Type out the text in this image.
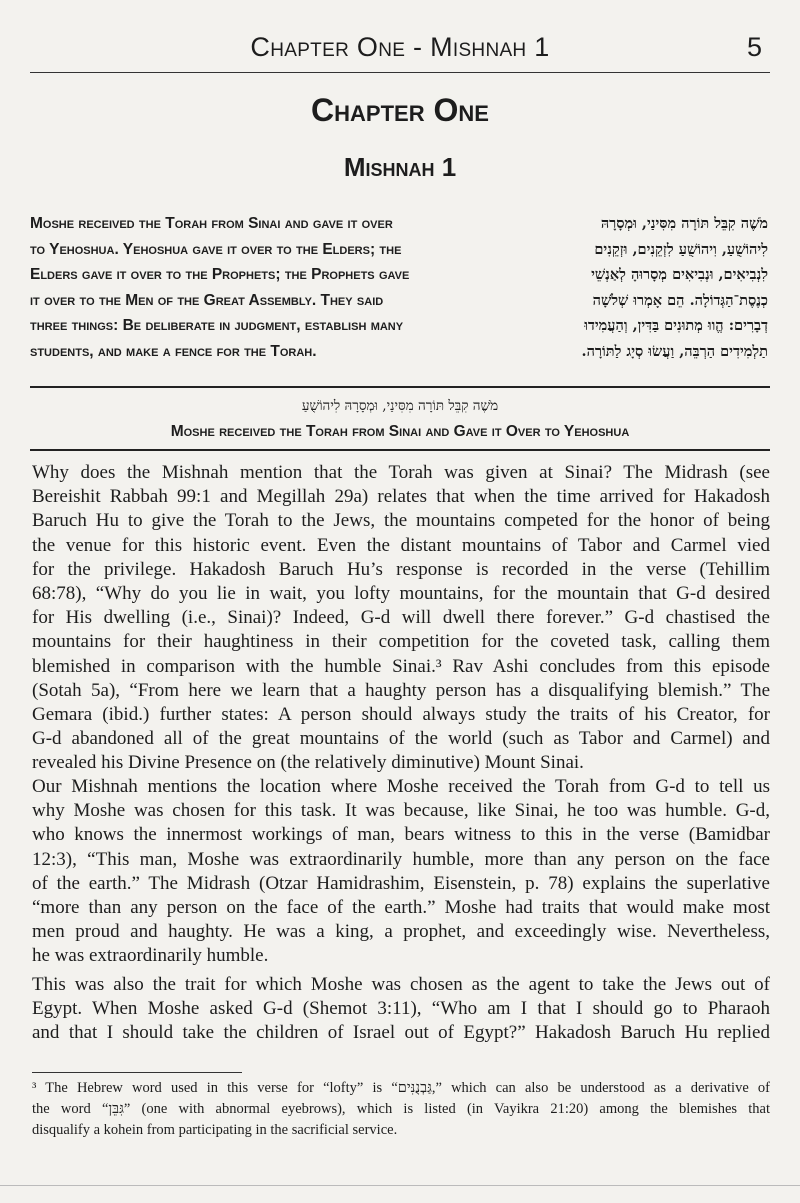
Chapter One - Mishnah 1	5
Chapter One
Mishnah 1
Moshe received the Torah from Sinai and gave it over
to Yehoshua. Yehoshua gave it over to the Elders; the
Elders gave it over to the Prophets; the Prophets gave
it over to the Men of the Great Assembly. They said
three things: Be deliberate in judgment, establish many
students, and make a fence for the Torah.
מֹשֶׁה קִבֵּל תּוֹרָה מִסִּינַי, וּמְסָרָהּ
לִיהוֹשֻׁעַ, וִיהוֹשֻׁעַ לִזְקֵנִים, וּזְקֵנִים
לִנְבִיאִים, וּנְבִיאִים מְסָרוּהָ לְאַנְשֵׁי
כְנֶסֶת־הַגְּדוֹלָה. הֵם אָמְרוּ שְׁלֹשָׁה
דְבָרִים: הֱווּ מְתוּנִים בַּדִּין, וְהַעֲמִידוּ
תַלְמִידִים הַרְבֵּה, וַעֲשׂוּ סְיָג לַתּוֹרָה.
מֹשֶׁה קִבֵּל תּוֹרָה מִסִּינַי, וּמְסָרָהּ לִיהוֹשֻׁעַ
Moshe received the Torah from Sinai and Gave it Over to Yehoshua
Why does the Mishnah mention that the Torah was given at Sinai? The Midrash (see
Bereishit Rabbah 99:1 and Megillah 29a) relates that when the time arrived for Hakadosh
Baruch Hu to give the Torah to the Jews, the mountains competed for the honor of being
the venue for this historic event. Even the distant mountains of Tabor and Carmel vied
for the privilege. Hakadosh Baruch Hu’s response is recorded in the verse (Tehillim
68:78), “Why do you lie in wait, you lofty mountains, for the mountain that G-d desired
for His dwelling (i.e., Sinai)? Indeed, G-d will dwell there forever.” G-d chastised the
mountains for their haughtiness in their competition for the coveted task, calling them
blemished in comparison with the humble Sinai.³ Rav Ashi concludes from this episode
(Sotah 5a), “From here we learn that a haughty person has a disqualifying blemish.” The
Gemara (ibid.) further states: A person should always study the traits of his Creator, for
G-d abandoned all of the great mountains of the world (such as Tabor and Carmel) and
revealed his Divine Presence on (the relatively diminutive) Mount Sinai.
Our Mishnah mentions the location where Moshe received the Torah from G-d to tell us
why Moshe was chosen for this task. It was because, like Sinai, he too was humble. G-d,
who knows the innermost workings of man, bears witness to this in the verse (Bamidbar
12:3), “This man, Moshe was extraordinarily humble, more than any person on the face
of the earth.” The Midrash (Otzar Hamidrashim, Eisenstein, p. 78) explains the superlative
“more than any person on the face of the earth.” Moshe had traits that would make most
men proud and haughty. He was a king, a prophet, and exceedingly wise. Nevertheless,
he was extraordinarily humble.
This was also the trait for which Moshe was chosen as the agent to take the Jews out of
Egypt. When Moshe asked G-d (Shemot 3:11), “Who am I that I should go to Pharaoh
and that I should take the children of Israel out of Egypt?” Hakadosh Baruch Hu replied
³ The Hebrew word used in this verse for “lofty” is “גַּבְנֻנִּים,” which can also be understood as a derivative of
the word “גִּבֵּן” (one with abnormal eyebrows), which is listed (in Vayikra 21:20) among the blemishes that
disqualify a kohein from participating in the sacrificial service.
